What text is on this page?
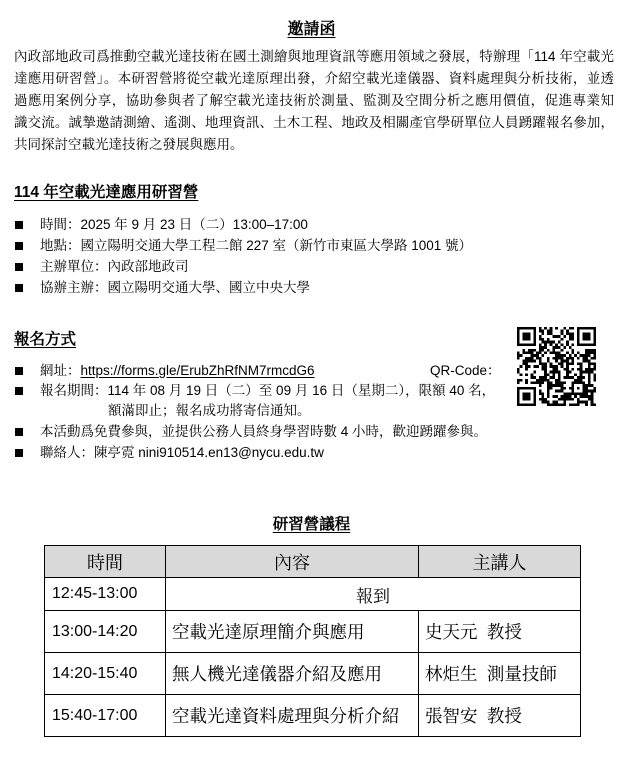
邀請函
內政部地政司爲推動空載光達技術在國土測繪與地理資訊等應用領域之發展，特辦理「114 年空載光
達應用研習營」。本研習營將從空載光達原理出發，介紹空載光達儀器、資料處理與分析技術，並透
過應用案例分享，協助參與者了解空載光達技術於測量、監測及空間分析之應用價值，促進專業知
識交流。誠摯邀請測繪、遙測、地理資訊、土木工程、地政及相關產官學研單位人員踴躍報名參加，
共同探討空載光達技術之發展與應用。
114 年空載光達應用研習營
時間：2025 年 9 月 23 日（二）13:00–17:00
地點：國立陽明交通大學工程二館 227 室（新竹市東區大學路 1001 號）
主辦單位：內政部地政司
協辦主辦：國立陽明交通大學、國立中央大學
報名方式
網址：https://forms.gle/ErubZhRfNM7rmcdG6	QR-Code：
報名期間：114 年 08 月 19 日（二）至 09 月 16 日（星期二），限額 40 名，
額滿即止；報名成功將寄信通知。
本活動爲免費參與，並提供公務人員終身學習時數 4 小時，歡迎踴躍參與。
聯絡人：陳亭霓 nini910514.en13@nycu.edu.tw
研習營議程
時間	內容	主講人
12:45-13:00	報到	
13:00-14:20	空載光達原理簡介與應用	史天元 教授
14:20-15:40	無人機光達儀器介紹及應用	林炬生 測量技師
15:40-17:00	空載光達資料處理與分析介紹	張智安 教授
